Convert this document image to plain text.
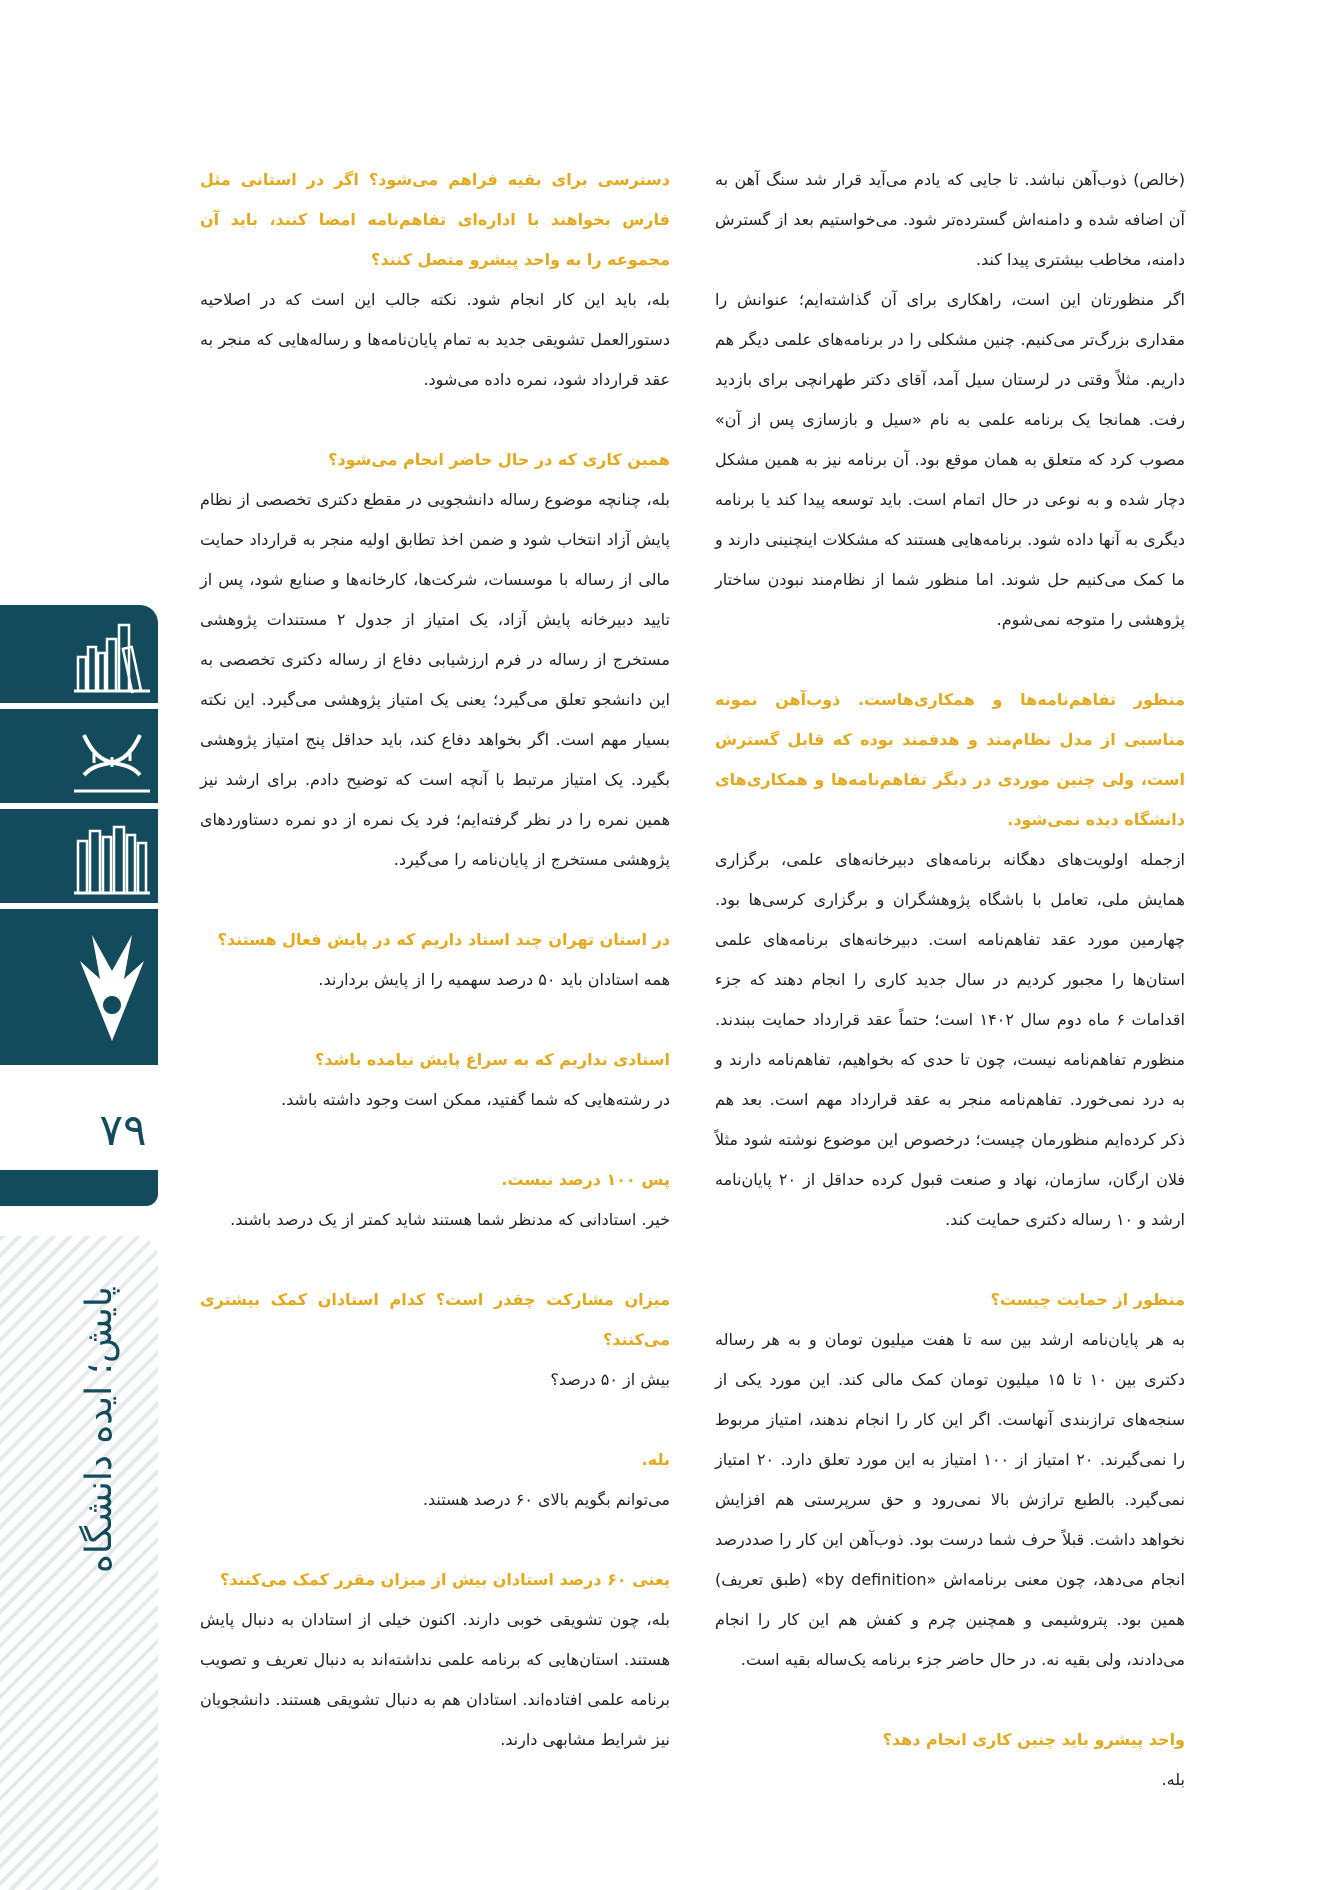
۷۹
پایش؛ ایده دانشگاه

(خالص) ذوب‌آهن نباشد. تا جایی که یادم می‌آید قرار شد سنگ آهن به آن اضافه شده و دامنه‌اش گسترده‌تر شود. می‌خواستیم بعد از گسترش دامنه، مخاطب بیشتری پیدا کند.

اگر منظورتان این است، راهکاری برای آن گذاشته‌ایم؛ عنوانش را مقداری بزرگ‌تر می‌کنیم. چنین مشکلی را در برنامه‌های علمی دیگر هم داریم. مثلاً وقتی در لرستان سیل آمد، آقای دکتر طهرانچی برای بازدید رفت. همانجا یک برنامه علمی به نام «سیل و بازسازی پس از آن» مصوب کرد که متعلق به همان موقع بود. آن برنامه نیز به همین مشکل دچار شده و به نوعی در حال اتمام است. باید توسعه پیدا کند یا برنامه دیگری به آنها داده شود. برنامه‌هایی هستند که مشکلات اینچنینی دارند و ما کمک می‌کنیم حل شوند. اما منظور شما از نظام‌مند نبودن ساختار پژوهشی را متوجه نمی‌شوم.

منظور تفاهم‌نامه‌ها و همکاری‌هاست. ذوب‌آهن نمونه مناسبی از مدل نظام‌مند و هدفمند بوده که قابل گسترش است، ولی چنین موردی در دیگر تفاهم‌نامه‌ها و همکاری‌های دانشگاه دیده نمی‌شود.

ازجمله اولویت‌های دهگانه برنامه‌های دبیرخانه‌های علمی، برگزاری همایش ملی، تعامل با باشگاه پژوهشگران و برگزاری کرسی‌ها بود. چهارمین مورد عقد تفاهم‌نامه است. دبیرخانه‌های برنامه‌های علمی استان‌ها را مجبور کردیم در سال جدید کاری را انجام دهند که جزء اقدامات ۶ ماه دوم سال ۱۴۰۲ است؛ حتماً عقد قرارداد حمایت ببندند. منظورم تفاهم‌نامه نیست، چون تا حدی که بخواهیم، تفاهم‌نامه دارند و به درد نمی‌خورد. تفاهم‌نامه منجر به عقد قرارداد مهم است. بعد هم ذکر کرده‌ایم منظورمان چیست؛ درخصوص این موضوع نوشته شود مثلاً فلان ارگان، سازمان، نهاد و صنعت قبول کرده حداقل از ۲۰ پایان‌نامه ارشد و ۱۰ رساله دکتری حمایت کند.

منظور از حمایت چیست؟

به هر پایان‌نامه ارشد بین سه تا هفت میلیون تومان و به هر رساله دکتری بین ۱۰ تا ۱۵ میلیون تومان کمک مالی کند. این مورد یکی از سنجه‌های ترازبندی آنهاست. اگر این کار را انجام ندهند، امتیاز مربوط را نمی‌گیرند. ۲۰ امتیاز از ۱۰۰ امتیاز به این مورد تعلق دارد. ۲۰ امتیاز نمی‌گیرد. بالطبع ترازش بالا نمی‌رود و حق سرپرستی هم افزایش نخواهد داشت. قبلاً حرف شما درست بود. ذوب‌آهن این کار را صددرصد انجام می‌دهد، چون معنی برنامه‌اش «by definition» (طبق تعریف) همین بود. پتروشیمی و همچنین چرم و کفش هم این کار را انجام می‌دادند، ولی بقیه نه. در حال حاضر جزء برنامه یک‌ساله بقیه است.

واحد پیشرو باید چنین کاری انجام دهد؟

بله.

دسترسی برای بقیه فراهم می‌شود؟ اگر در استانی مثل فارس بخواهند با اداره‌ای تفاهم‌نامه امضا کنند، باید آن مجموعه را به واحد پیشرو متصل کنند؟

بله، باید این کار انجام شود. نکته جالب این است که در اصلاحیه دستورالعمل تشویقی جدید به تمام پایان‌نامه‌ها و رساله‌هایی که منجر به عقد قرارداد شود، نمره داده می‌شود.

همین کاری که در حال حاضر انجام می‌شود؟

بله، چنانچه موضوع رساله دانشجویی در مقطع دکتری تخصصی از نظام پایش آزاد انتخاب شود و ضمن اخذ تطابق اولیه منجر به قرارداد حمایت مالی از رساله با موسسات، شرکت‌ها، کارخانه‌ها و صنایع شود، پس از تایید دبیرخانه پایش آزاد، یک امتیاز از جدول ۲ مستندات پژوهشی مستخرج از رساله در فرم ارزشیابی دفاع از رساله دکتری تخصصی به این دانشجو تعلق می‌گیرد؛ یعنی یک امتیاز پژوهشی می‌گیرد. این نکته بسیار مهم است. اگر بخواهد دفاع کند، باید حداقل پنج امتیاز پژوهشی بگیرد. یک امتیاز مرتبط با آنچه است که توضیح دادم. برای ارشد نیز همین نمره را در نظر گرفته‌ایم؛ فرد یک نمره از دو نمره دستاوردهای پژوهشی مستخرج از پایان‌نامه را می‌گیرد.

در استان تهران چند استاد داریم که در پایش فعال هستند؟

همه استادان باید ۵۰ درصد سهمیه را از پایش بردارند.

استادی نداریم که به سراغ پایش نیامده باشد؟

در رشته‌هایی که شما گفتید، ممکن است وجود داشته باشد.

پس ۱۰۰ درصد نیست.

خیر. استادانی که مدنظر شما هستند شاید کمتر از یک درصد باشند.

میزان مشارکت چقدر است؟ کدام استادان کمک بیشتری می‌کنند؟

بیش از ۵۰ درصد؟

بله.

می‌توانم بگویم بالای ۶۰ درصد هستند.

یعنی ۶۰ درصد استادان بیش از میزان مقرر کمک می‌کنند؟

بله، چون تشویقی خوبی دارند. اکنون خیلی از استادان به دنبال پایش هستند. استان‌هایی که برنامه علمی نداشته‌اند به دنبال تعریف و تصویب برنامه علمی افتاده‌اند. استادان هم به دنبال تشویقی هستند. دانشجویان نیز شرایط مشابهی دارند.
